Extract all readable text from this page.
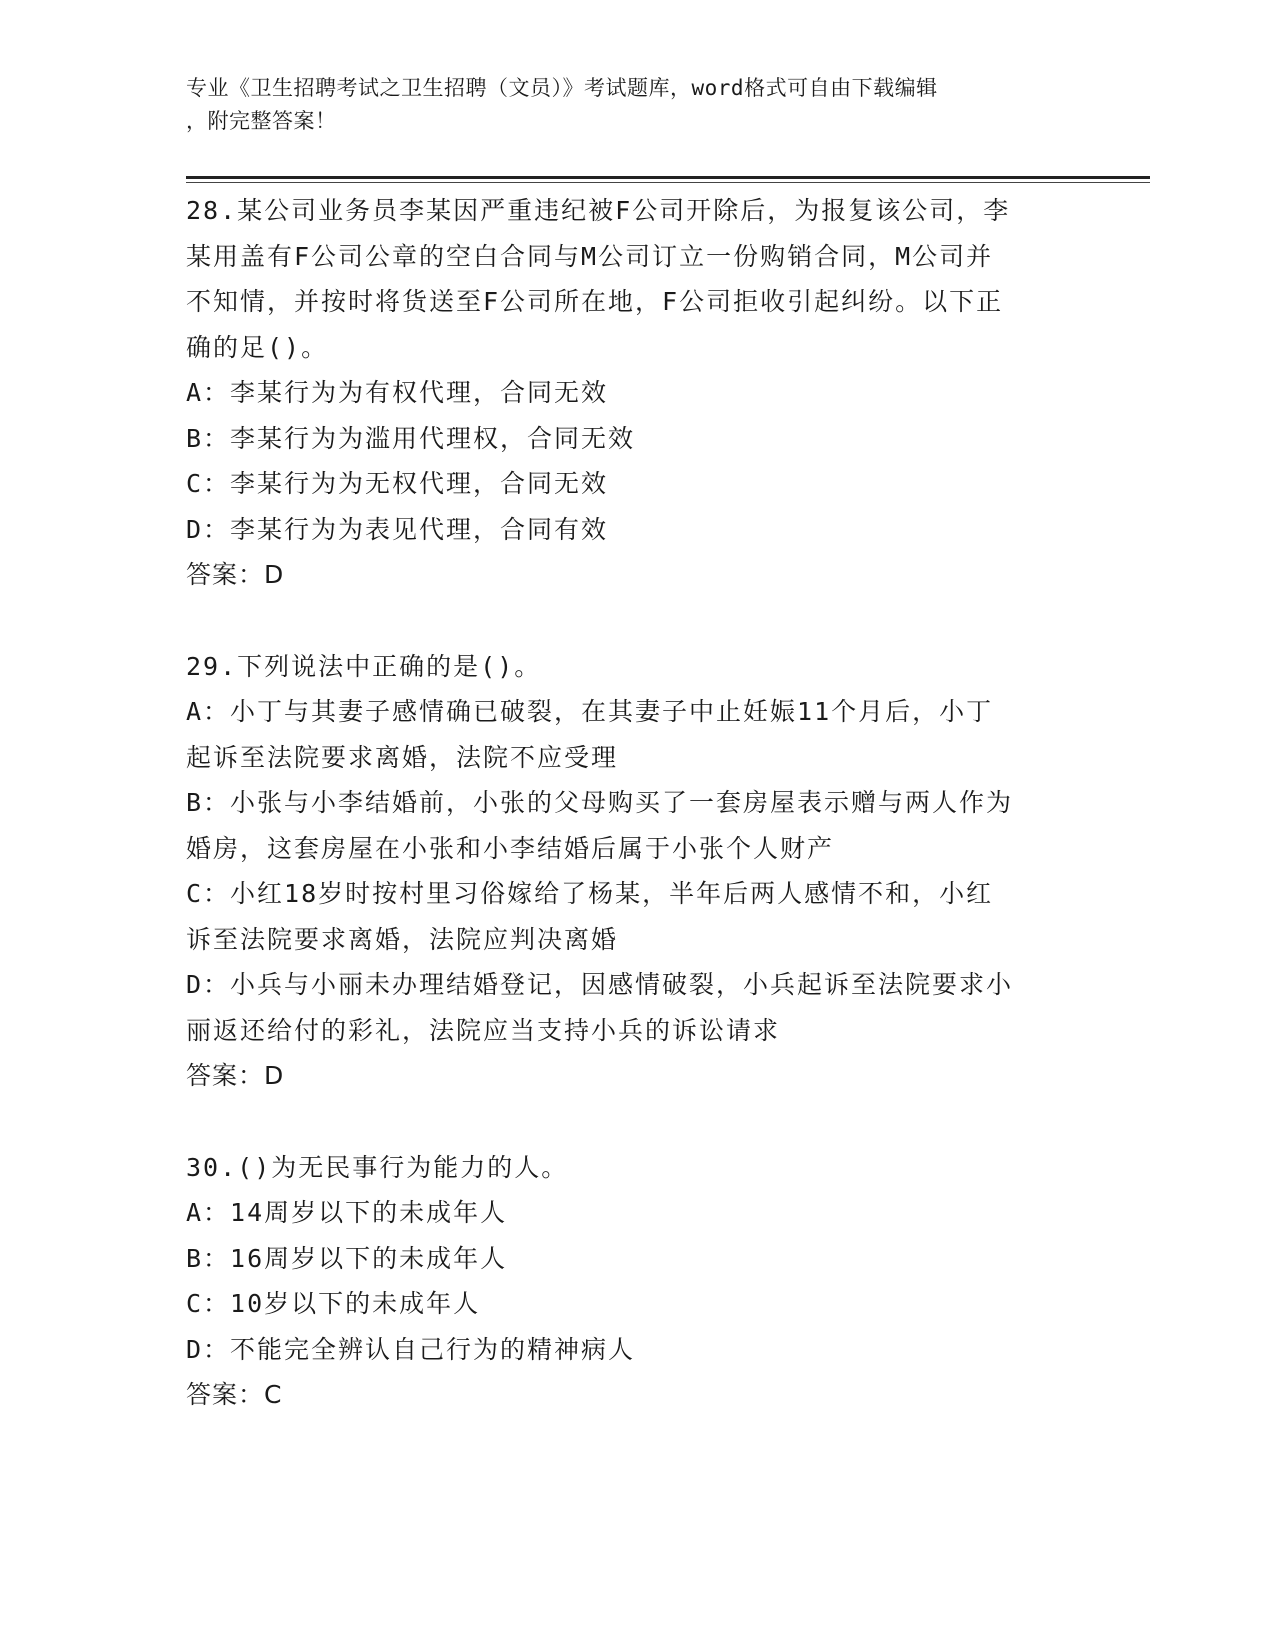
专业《卫生招聘考试之卫生招聘（文员）》考试题库，word格式可自由下载编辑
，附完整答案！

28.某公司业务员李某因严重违纪被F公司开除后，为报复该公司，李

某用盖有F公司公章的空白合同与M公司订立一份购销合同，M公司并

不知情，并按时将货送至F公司所在地，F公司拒收引起纠纷。以下正

确的足()。

A：李某行为为有权代理，合同无效

B：李某行为为滥用代理权，合同无效

C：李某行为为无权代理，合同无效

D：李某行为为表见代理，合同有效

答案：D

29.下列说法中正确的是()。

A：小丁与其妻子感情确已破裂，在其妻子中止妊娠11个月后，小丁

起诉至法院要求离婚，法院不应受理

B：小张与小李结婚前，小张的父母购买了一套房屋表示赠与两人作为

婚房，这套房屋在小张和小李结婚后属于小张个人财产

C：小红18岁时按村里习俗嫁给了杨某，半年后两人感情不和，小红

诉至法院要求离婚，法院应判决离婚

D：小兵与小丽未办理结婚登记，因感情破裂，小兵起诉至法院要求小

丽返还给付的彩礼，法院应当支持小兵的诉讼请求

答案：D

30.()为无民事行为能力的人。

A：14周岁以下的未成年人

B：16周岁以下的未成年人

C：10岁以下的未成年人

D：不能完全辨认自己行为的精神病人

答案：C
